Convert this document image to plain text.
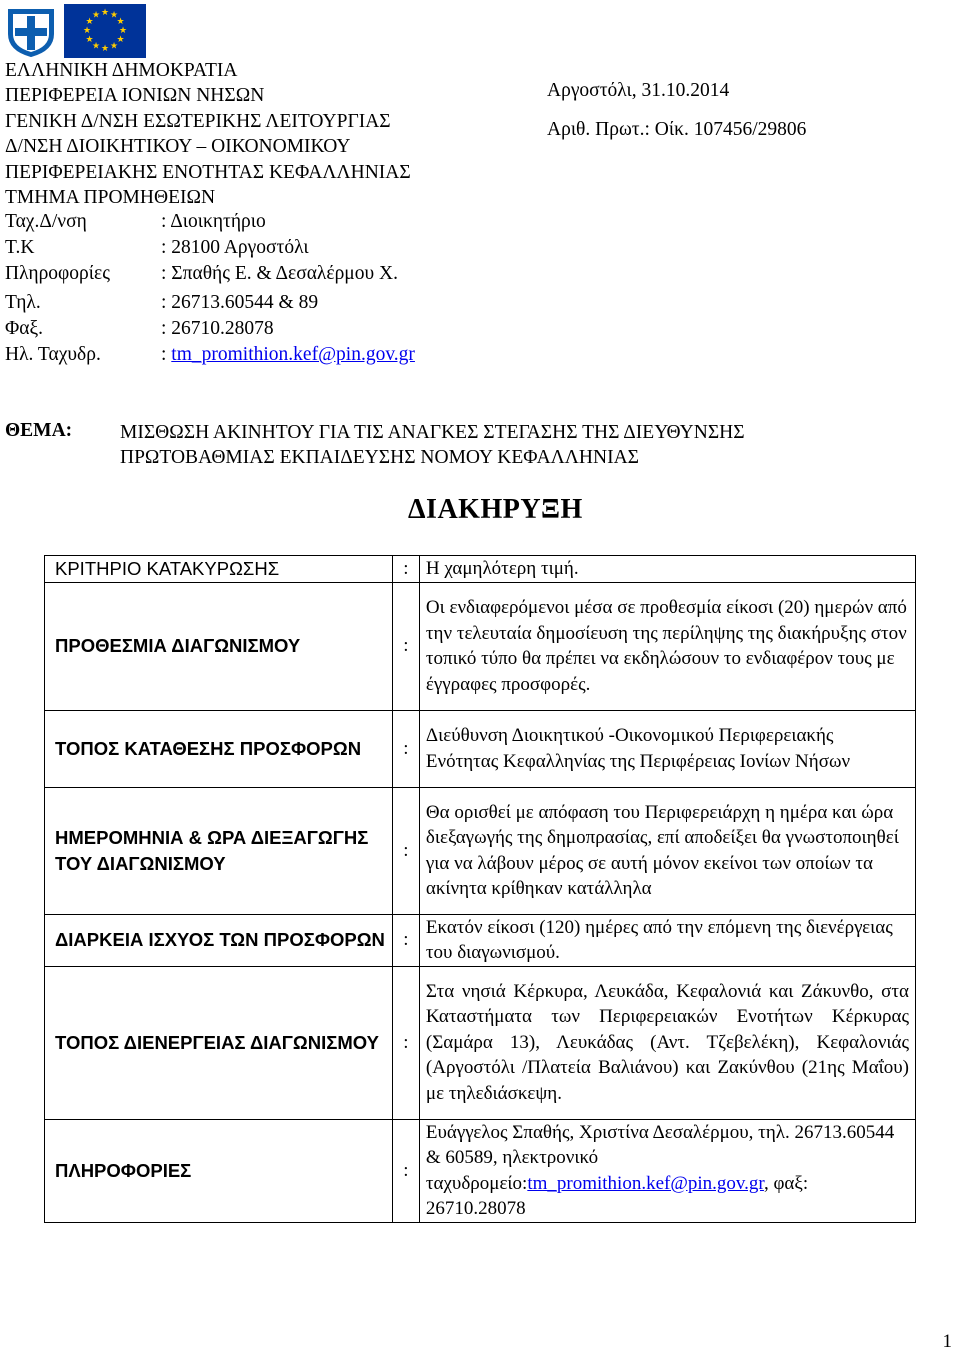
★ ★
★
★
★
★
★
★
★
★
★
★
ΕΛΛΗΝΙΚΗ ΔΗΜΟΚΡΑΤΙΑ
ΠΕΡΙΦΕΡΕΙΑ ΙΟΝΙΩΝ ΝΗΣΩΝ
ΓΕΝΙΚΗ Δ/ΝΣΗ ΕΣΩΤΕΡΙΚΗΣ ΛΕΙΤΟΥΡΓΙΑΣ
Δ/ΝΣΗ ΔΙΟΙΚΗΤΙΚΟΥ – ΟΙΚΟΝΟΜΙΚΟΥ
ΠΕΡΙΦΕΡΕΙΑΚΗΣ ΕΝΟΤΗΤΑΣ ΚΕΦΑΛΛΗΝΙΑΣ
ΤΜΗΜΑ ΠΡΟΜΗΘΕΙΩΝ
Ταχ.Δ/νση	: Διοικητήριο
Τ.Κ	: 28100 Αργοστόλι
Πληροφορίες	: Σπαθής Ε. & Δεσαλέρμου Χ.
Τηλ.	: 26713.60544 & 89
Φαξ.	: 26710.28078
Ηλ. Ταχυδρ.	: tm_promithion.kef@pin.gov.gr
Αργοστόλι, 31.10.2014
Αριθ. Πρωτ.: Οίκ. 107456/29806
ΘΕΜΑ: ΜΙΣΘΩΣΗ ΑΚΙΝΗΤΟΥ ΓΙΑ ΤΙΣ ΑΝΑΓΚΕΣ ΣΤΕΓΑΣΗΣ ΤΗΣ ΔΙΕΥΘΥΝΣΗΣ
ΠΡΩΤΟΒΑΘΜΙΑΣ ΕΚΠΑΙΔΕΥΣΗΣ ΝΟΜΟΥ ΚΕΦΑΛΛΗΝΙΑΣ
ΔΙΑΚΗΡΥΞΗ
ΚΡΙΤΗΡΙΟ ΚΑΤΑΚΥΡΩΣΗΣ	:	Η χαμηλότερη τιμή.
ΠΡΟΘΕΣΜΙΑ ΔΙΑΓΩΝΙΣΜΟΥ	:	Οι ενδιαφερόμενοι μέσα σε προθεσμία είκοσι (20) ημερών από την τελευταία δημοσίευση της περίληψης της διακήρυξης στον τοπικό τύπο θα πρέπει να εκδηλώσουν το ενδιαφέρον τους με έγγραφες προσφορές.
ΤΟΠΟΣ ΚΑΤΑΘΕΣΗΣ ΠΡΟΣΦΟΡΩΝ	:	Διεύθυνση Διοικητικού -Οικονομικού Περιφερειακής Ενότητας Κεφαλληνίας της Περιφέρειας Ιονίων Νήσων
ΗΜΕΡΟΜΗΝΙΑ & ΩΡΑ ΔΙΕΞΑΓΩΓΗΣ ΤΟΥ ΔΙΑΓΩΝΙΣΜΟΥ	:	Θα ορισθεί με απόφαση του Περιφερειάρχη η ημέρα και ώρα διεξαγωγής της δημοπρασίας, επί αποδείξει θα γνωστοποιηθεί για να λάβουν μέρος σε αυτή μόνον εκείνοι των οποίων τα ακίνητα κρίθηκαν κατάλληλα
ΔΙΑΡΚΕΙΑ ΙΣΧΥΟΣ ΤΩΝ ΠΡΟΣΦΟΡΩΝ	:	Εκατόν είκοσι (120) ημέρες από την επόμενη της διενέργειας του διαγωνισμού.
ΤΟΠΟΣ ΔΙΕΝΕΡΓΕΙΑΣ ΔΙΑΓΩΝΙΣΜΟΥ	:	Στα νησιά Κέρκυρα, Λευκάδα, Κεφαλονιά και Ζάκυνθο, στα Καταστήματα των Περιφερειακών Ενοτήτων Κέρκυρας (Σαμάρα 13), Λευκάδας (Αντ. Τζεβελέκη), Κεφαλονιάς (Αργοστόλι /Πλατεία Βαλιάνου) και Ζακύνθου (21ης Μαΐου) με τηλεδιάσκεψη.
ΠΛΗΡΟΦΟΡΙΕΣ	:	Ευάγγελος Σπαθής, Χριστίνα Δεσαλέρμου, τηλ. 26713.60544 & 60589, ηλεκτρονικό ταχυδρομείο:tm_promithion.kef@pin.gov.gr, φαξ: 26710.28078
1
